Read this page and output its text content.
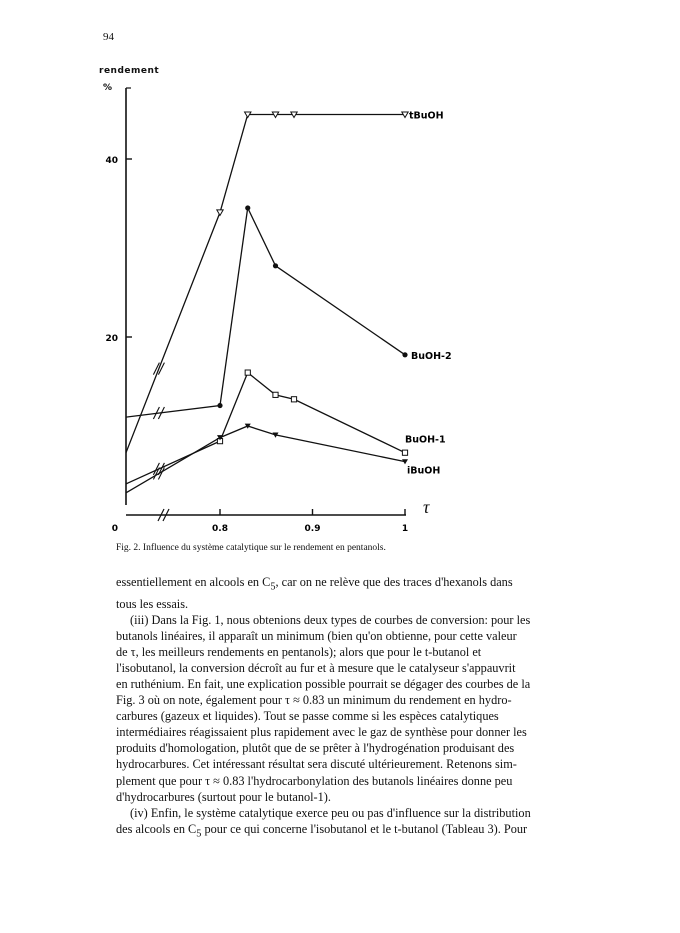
94
rendement
%
20
40
0	0.8	0.9	1
tBuOH
BuOH-2
BuOH-1
iBuOH
τ
Fig. 2. Influence du système catalytique sur le rendement en pentanols.

essentiellement en alcools en $C_5$, car on ne relève que des traces d'hexanols dans

tous les essais.

(iii) Dans la Fig. 1, nous obtenions deux types de courbes de conversion: pour les

butanols linéaires, il apparaît un minimum (bien qu'on obtienne, pour cette valeur

de τ, les meilleurs rendements en pentanols); alors que pour le t-butanol et

l'isobutanol, la conversion décroît au fur et à mesure que le catalyseur s'appauvrit

en ruthénium. En fait, une explication possible pourrait se dégager des courbes de la

Fig. 3 où on note, également pour τ ≈ 0.83 un minimum du rendement en hydro-

carbures (gazeux et liquides). Tout se passe comme si les espèces catalytiques

intermédiaires réagissaient plus rapidement avec le gaz de synthèse pour donner les

produits d'homologation, plutôt que de se prêter à l'hydrogénation produisant des

hydrocarbures. Cet intéressant résultat sera discuté ultérieurement. Retenons sim-

plement que pour τ ≈ 0.83 l'hydrocarbonylation des butanols linéaires donne peu

d'hydrocarbures (surtout pour le butanol-1).

(iv) Enfin, le système catalytique exerce peu ou pas d'influence sur la distribution

des alcools en $C_5$ pour ce qui concerne l'isobutanol et le t-butanol (Tableau 3). Pour
